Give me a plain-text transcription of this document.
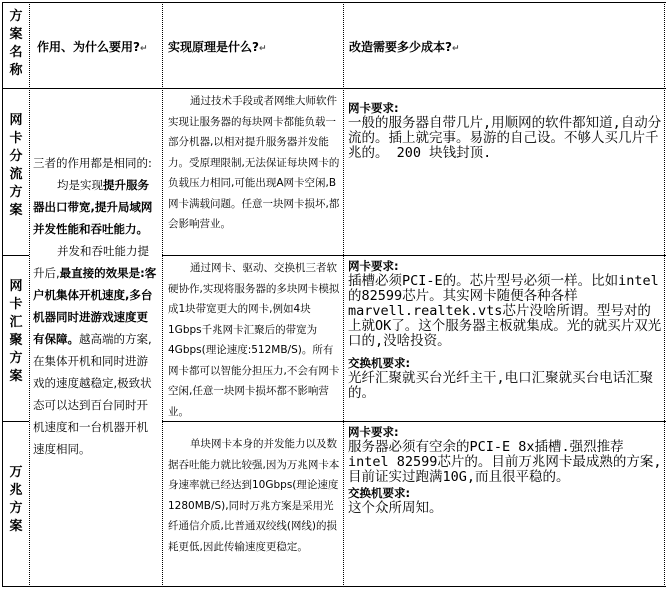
方
案
名
称
作用、为什么要用?↵	实现原理是什么?↵	改造需要多少成本?↵
网
卡
分
流
方
案
网
卡
汇
聚
方
案
万
兆
方
案
三者的作用都是相同的:
均是实现提升服务器出口带宽,提升局域网并发性能和吞吐能力。
并发和吞吐能力提升后,最直接的效果是:客户机集体开机速度,多台机器同时进游戏速度更有保障。越高端的方案,在集体开机和同时进游戏的速度越稳定,极致状态可以达到百台同时开机速度和一台机器开机速度相同。
通过技术手段或者网维大师软件实现让服务器的每块网卡都能负载一部分机器,以相对提升服务器并发能力。受原理限制,无法保证每块网卡的负载压力相同,可能出现A网卡空闲,B网卡满载问题。任意一块网卡损坏,都会影响营业。
通过网卡、驱动、交换机三者软硬协作,实现将服务器的多块网卡模拟成1块带宽更大的网卡,例如4块1Gbps千兆网卡汇聚后的带宽为4Gbps(理论速度:512MB/S)。所有网卡都可以智能分担压力,不会有网卡空闲,任意一块网卡损坏都不影响营业。
单块网卡本身的并发能力以及数据吞吐能力就比较强,因为万兆网卡本身速率就已经达到10Gbps(理论速度1280MB/S),同时万兆方案是采用光纤通信介质,比普通双绞线(网线)的损耗更低,因此传输速度更稳定。
网卡要求:
一般的服务器自带几片,用顺网的软件都知道,自动分流的。插上就完事。易游的自己设。不够人买几片千兆的。 200 块钱封顶.
网卡要求:
插槽必须PCI-E的。芯片型号必须一样。比如intel的82599芯片。其实网卡随便各种各样marvell.realtek.vts芯片没啥所谓。型号对的上就OK了。这个服务器主板就集成。光的就买片双光口的,没啥投资。
交换机要求:
光纤汇聚就买台光纤主干,电口汇聚就买台电话汇聚的。
网卡要求:
服务器必须有空余的PCI-E 8x插槽.强烈推荐intel 82599芯片的。目前万兆网卡最成熟的方案,目前证实过跑满10G,而且很平稳的。
交换机要求:
这个众所周知。
